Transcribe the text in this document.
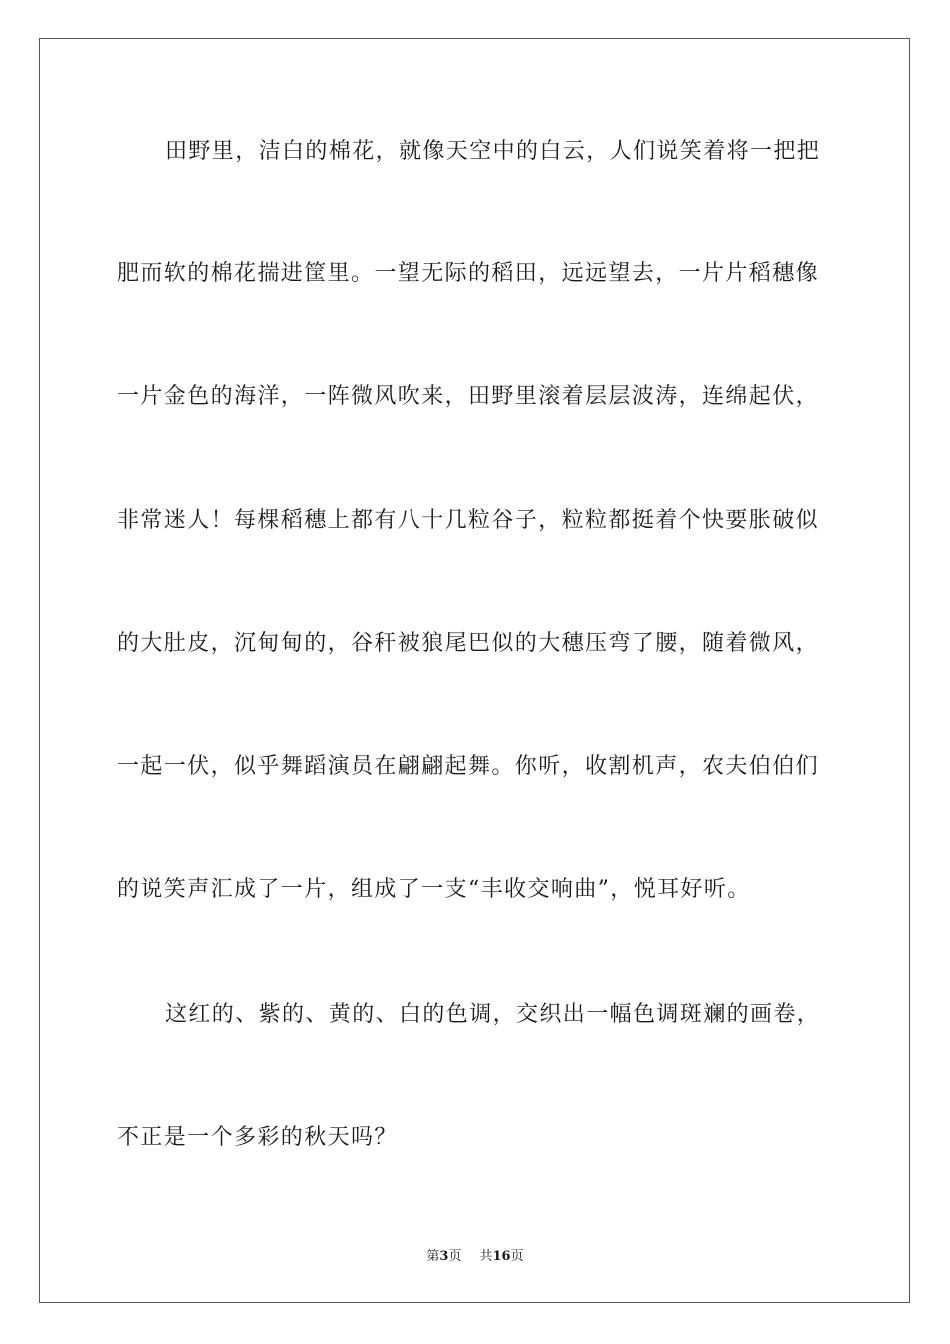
田野里，洁白的棉花，就像天空中的白云，人们说笑着将一把把
肥而软的棉花揣进筐里。一望无际的稻田，远远望去，一片片稻穗像
一片金色的海洋，一阵微风吹来，田野里滚着层层波涛，连绵起伏，
非常迷人！每棵稻穗上都有八十几粒谷子，粒粒都挺着个快要胀破似
的大肚皮，沉甸甸的，谷秆被狼尾巴似的大穗压弯了腰，随着微风，
一起一伏，似乎舞蹈演员在翩翩起舞。你听，收割机声，农夫伯伯们
的说笑声汇成了一片，组成了一支“丰收交响曲”，悦耳好听。
这红的、紫的、黄的、白的色调，交织出一幅色调斑斓的画卷，
不正是一个多彩的秋天吗？
第3页 共16页
